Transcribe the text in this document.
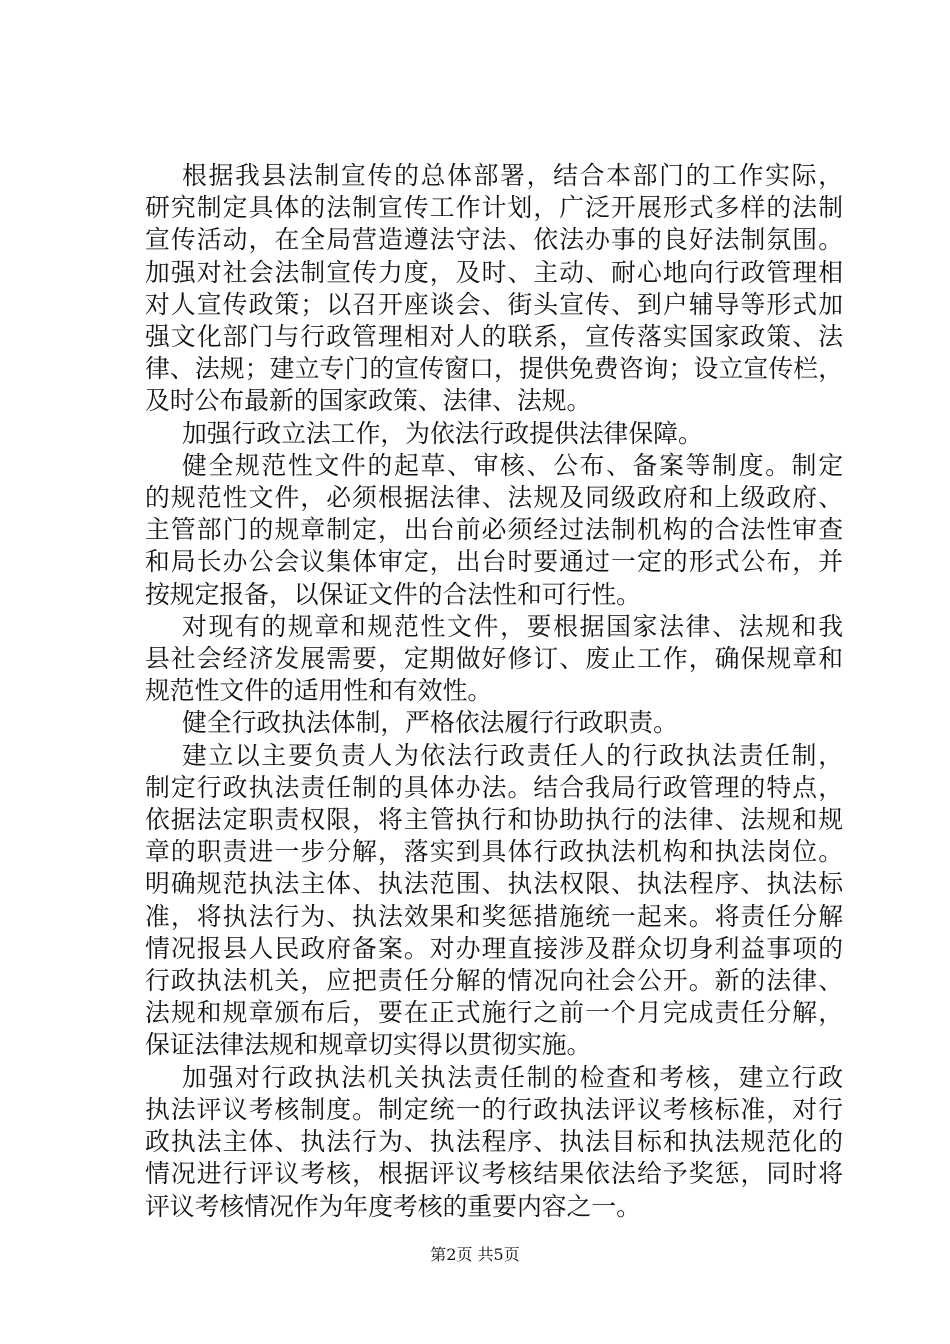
根据我县法制宣传的总体部署，结合本部门的工作实际，
研究制定具体的法制宣传工作计划，广泛开展形式多样的法制
宣传活动，在全局营造遵法守法、依法办事的良好法制氛围。
加强对社会法制宣传力度，及时、主动、耐心地向行政管理相
对人宣传政策；以召开座谈会、街头宣传、到户辅导等形式加
强文化部门与行政管理相对人的联系，宣传落实国家政策、法
律、法规；建立专门的宣传窗口，提供免费咨询；设立宣传栏，
及时公布最新的国家政策、法律、法规。
加强行政立法工作，为依法行政提供法律保障。
健全规范性文件的起草、审核、公布、备案等制度。制定
的规范性文件，必须根据法律、法规及同级政府和上级政府、
主管部门的规章制定，出台前必须经过法制机构的合法性审查
和局长办公会议集体审定，出台时要通过一定的形式公布，并
按规定报备，以保证文件的合法性和可行性。
对现有的规章和规范性文件，要根据国家法律、法规和我
县社会经济发展需要，定期做好修订、废止工作，确保规章和
规范性文件的适用性和有效性。
健全行政执法体制，严格依法履行行政职责。
建立以主要负责人为依法行政责任人的行政执法责任制，
制定行政执法责任制的具体办法。结合我局行政管理的特点，
依据法定职责权限，将主管执行和协助执行的法律、法规和规
章的职责进一步分解，落实到具体行政执法机构和执法岗位。
明确规范执法主体、执法范围、执法权限、执法程序、执法标
准，将执法行为、执法效果和奖惩措施统一起来。将责任分解
情况报县人民政府备案。对办理直接涉及群众切身利益事项的
行政执法机关，应把责任分解的情况向社会公开。新的法律、
法规和规章颁布后，要在正式施行之前一个月完成责任分解，
保证法律法规和规章切实得以贯彻实施。
加强对行政执法机关执法责任制的检查和考核，建立行政
执法评议考核制度。制定统一的行政执法评议考核标准，对行
政执法主体、执法行为、执法程序、执法目标和执法规范化的
情况进行评议考核，根据评议考核结果依法给予奖惩，同时将
评议考核情况作为年度考核的重要内容之一。
第2页 共5页
